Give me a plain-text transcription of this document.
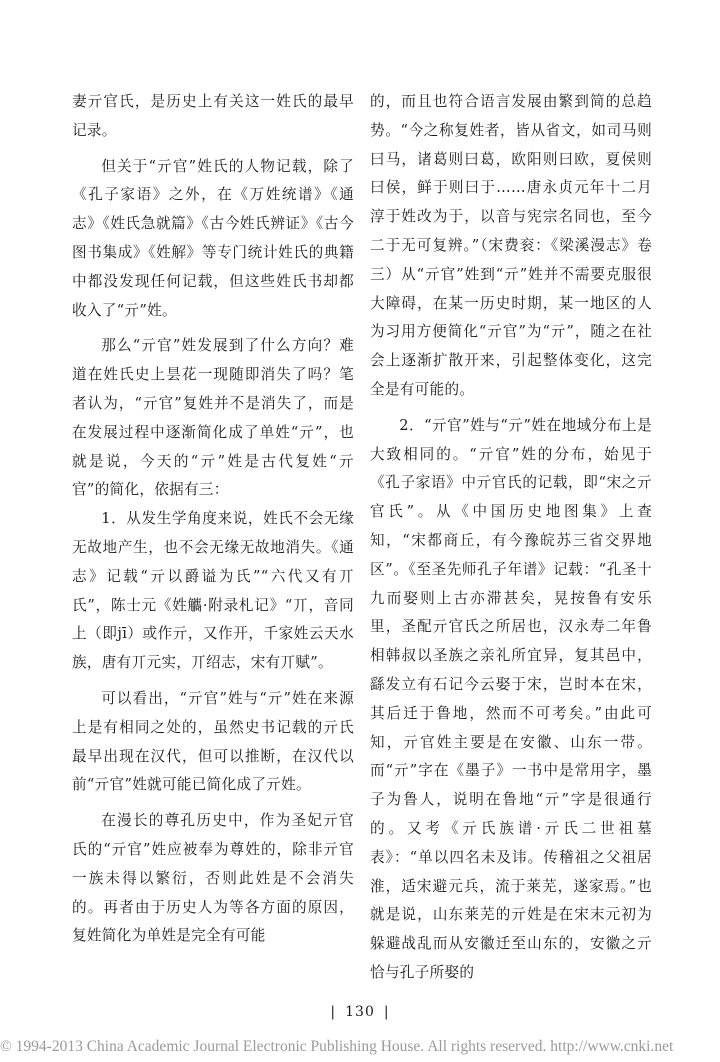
妻亓官氏，是历史上有关这一姓氏的最早记录。

但关于“亓官”姓氏的人物记载，除了《孔子家语》之外，在《万姓统谱》《通志》《姓氏急就篇》《古今姓氏辨证》《古今图书集成》《姓解》等专门统计姓氏的典籍中都没发现任何记载，但这些姓氏书却都收入了“亓”姓。

那么“亓官”姓发展到了什么方向？难道在姓氏史上昙花一现随即消失了吗？笔者认为，“亓官”复姓并不是消失了，而是在发展过程中逐渐简化成了单姓“亓”，也就是说，今天的“亓”姓是古代复姓“亓官”的简化，依据有三：

1．从发生学角度来说，姓氏不会无缘无故地产生，也不会无缘无故地消失。《通志》记载“亓以爵谥为氏”“六代又有丌氏”，陈士元《姓觿·附录札记》“丌，音同上（即jī）或作亓，又作开，千家姓云天水族，唐有丌元实，丌绍志，宋有丌赋”。

可以看出，“亓官”姓与“亓”姓在来源上是有相同之处的，虽然史书记载的亓氏最早出现在汉代，但可以推断，在汉代以前“亓官”姓就可能已简化成了亓姓。

在漫长的尊孔历史中，作为圣妃亓官氏的“亓官”姓应被奉为尊姓的，除非亓官一族未得以繁衍，否则此姓是不会消失的。再者由于历史人为等各方面的原因，复姓简化为单姓是完全有可能

的，而且也符合语言发展由繁到简的总趋势。“今之称复姓者，皆从省文，如司马则曰马，诸葛则曰葛，欧阳则曰欧，夏侯则曰侯，鲜于则曰于……唐永贞元年十二月淳于姓改为于，以音与宪宗名同也，至今二于无可复辨。”（宋费衮：《梁溪漫志》卷三）从“亓官”姓到“亓”姓并不需要克服很大障碍，在某一历史时期，某一地区的人为习用方便简化“亓官”为“亓”，随之在社会上逐渐扩散开来，引起整体变化，这完全是有可能的。

2．“亓官”姓与“亓”姓在地域分布上是大致相同的。“亓官”姓的分布，始见于《孔子家语》中亓官氏的记载，即“宋之亓官氏”。从《中国历史地图集》上查知，“宋都商丘，有今豫皖苏三省交界地区”。《至圣先师孔子年谱》记载：“孔圣十九而娶则上古亦滞甚矣，晃按鲁有安乐里，圣配亓官氏之所居也，汉永寿二年鲁相韩叔以圣族之亲礼所宜异，复其邑中，繇发立有石记今云娶于宋，岂时本在宋，其后迁于鲁地，然而不可考矣。”由此可知，亓官姓主要是在安徽、山东一带。而“亓”字在《墨子》一书中是常用字，墨子为鲁人，说明在鲁地“亓”字是很通行的。又考《亓氏族谱·亓氏二世祖墓表》：“单以四名未及讳。传稽祖之父祖居淮，适宋避元兵，流于莱芜，遂家焉。”也就是说，山东莱芜的亓姓是在宋末元初为躲避战乱而从安徽迁至山东的，安徽之亓恰与孔子所娶的

| 130 |
© 1994-2013 China Academic Journal Electronic Publishing House. All rights reserved. http://www.cnki.net
